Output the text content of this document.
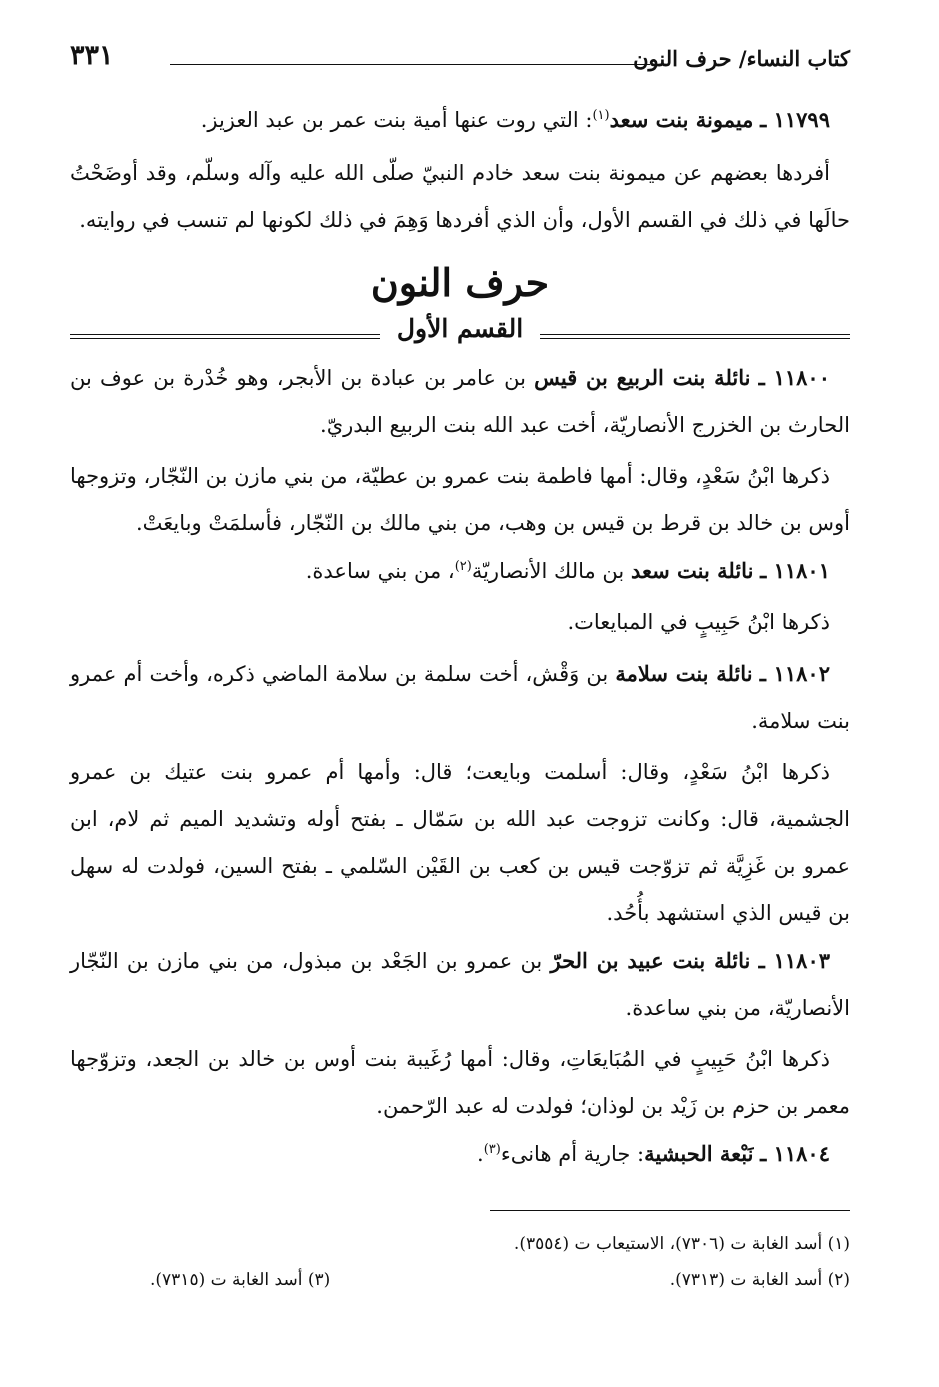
كتاب النساء/ حرف النون
٣٣١

١١٧٩٩ ـ ميمونة بنت سعد$^{(١)}$: التي روت عنها أمية بنت عمر بن عبد العزيز.

أفردها بعضهم عن ميمونة بنت سعد خادم النبيّ صلّى الله عليه وآله وسلّم، وقد أوضَحْتُ حالَها في ذلك في القسم الأول، وأن الذي أفردها وَهِمَ في ذلك لكونها لم تنسب في روايته.

حرف النون
القسم الأول

١١٨٠٠ ـ نائلة بنت الربيع بن قيس بن عامر بن عبادة بن الأبجر، وهو خُدْرة بن عوف بن الحارث بن الخزرج الأنصاريّة، أخت عبد الله بنت الربيع البدريّ.

ذكرها ابْنُ سَعْدٍ، وقال: أمها فاطمة بنت عمرو بن عطيّة، من بني مازن بن النّجّار، وتزوجها أوس بن خالد بن قرط بن قيس بن وهب، من بني مالك بن النّجّار، فأسلمَتْ وبايعَتْ.

١١٨٠١ ـ نائلة بنت سعد بن مالك الأنصاريّة$^{(٢)}$، من بني ساعدة.

ذكرها ابْنُ حَبِيبٍ في المبايعات.

١١٨٠٢ ـ نائلة بنت سلامة بن وَقْش، أخت سلمة بن سلامة الماضي ذكره، وأخت أم عمرو بنت سلامة.

ذكرها ابْنُ سَعْدٍ، وقال: أسلمت وبايعت؛ قال: وأمها أم عمرو بنت عتيك بن عمرو الجشمية، قال: وكانت تزوجت عبد الله بن سَمّال ـ بفتح أوله وتشديد الميم ثم لام، ابن عمرو بن غَزِيَّة ثم تزوّجت قيس بن كعب بن القَيْن السّلمي ـ بفتح السين، فولدت له سهل بن قيس الذي استشهد بأُحُد.

١١٨٠٣ ـ نائلة بنت عبيد بن الحرّ بن عمرو بن الجَعْد بن مبذول، من بني مازن بن النّجّار الأنصاريّة، من بني ساعدة.

ذكرها ابْنُ حَبِيبٍ في المُبَايعَاتِ، وقال: أمها رُغَيبة بنت أوس بن خالد بن الجعد، وتزوّجها معمر بن حزم بن زَيْد بن لوذان؛ فولدت له عبد الرّحمن.

١١٨٠٤ ـ نَبْعة الحبشية: جارية أم هانىء$^{(٣)}$.

(١) أسد الغابة ت (٧٣٠٦)، الاستيعاب ت (٣٥٥٤).
(٢) أسد الغابة ت (٧٣١٣).
(٣) أسد الغابة ت (٧٣١٥).
